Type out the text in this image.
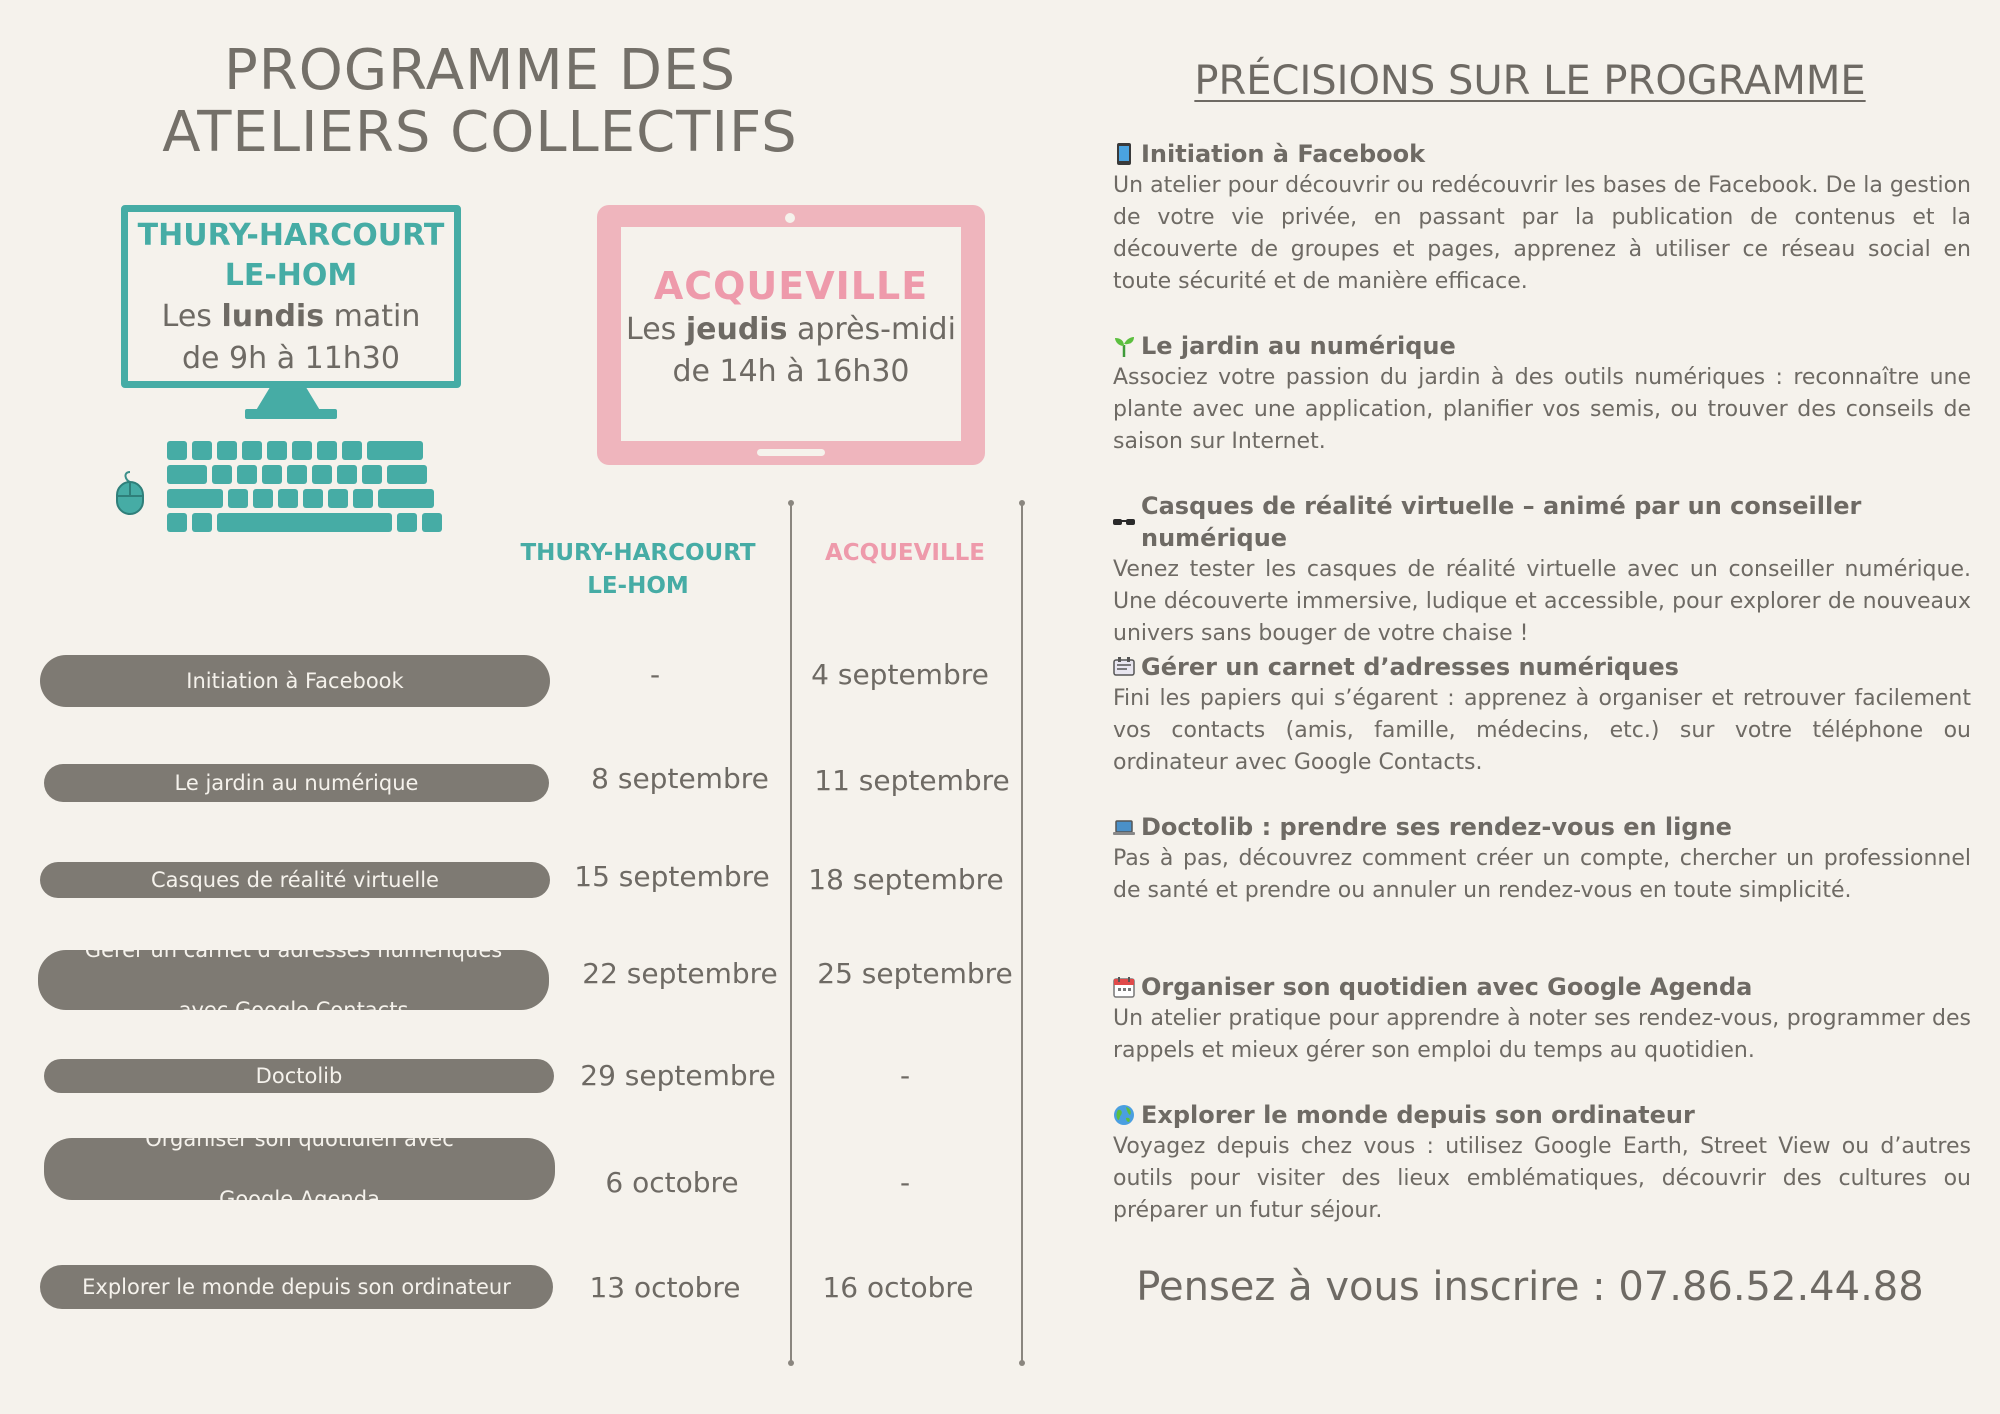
PROGRAMME DES
ATELIERS COLLECTIFS
THURY-HARCOURT
LE-HOM
Les lundis matin
de 9h à 11h30
ACQUEVILLE
Les jeudis après-midi
de 14h à 16h30
THURY-HARCOURT
LE-HOM
ACQUEVILLE
Initiation à Facebook	-	4 septembre
Le jardin au numérique	8 septembre	11 septembre
Casques de réalité virtuelle	15 septembre 18 septembre
Gérer un carnet d’adresses numériques

avec Google Contacts
22 septembre 25 septembre
Doctolib	29 septembre	-
Organiser son quotidien avec

Google Agenda	6 octobre	-
Explorer le monde depuis son ordinateur	13 octobre	16 octobre
PRÉCISIONS SUR LE PROGRAMME
Initiation à Facebook
Un atelier pour découvrir ou redécouvrir les bases de Facebook. De la gestion de votre vie privée, en passant par la publication de contenus et la découverte de groupes et pages, apprenez à utiliser ce réseau social en toute sécurité et de manière efficace.
Le jardin au numérique
Associez votre passion du jardin à des outils numériques : reconnaître une plante avec une application, planifier vos semis, ou trouver des conseils de saison sur Internet.
Casques de réalité virtuelle – animé par un conseiller numérique
Venez tester les casques de réalité virtuelle avec un conseiller numérique. Une découverte immersive, ludique et accessible, pour explorer de nouveaux univers sans bouger de votre chaise !
Gérer un carnet d’adresses numériques
Fini les papiers qui s’égarent : apprenez à organiser et retrouver facilement vos contacts (amis, famille, médecins, etc.) sur votre téléphone ou ordinateur avec Google Contacts.
Doctolib : prendre ses rendez-vous en ligne
Pas à pas, découvrez comment créer un compte, chercher un professionnel de santé et prendre ou annuler un rendez-vous en toute simplicité.
Organiser son quotidien avec Google Agenda
Un atelier pratique pour apprendre à noter ses rendez-vous, programmer des rappels et mieux gérer son emploi du temps au quotidien.
Explorer le monde depuis son ordinateur
Voyagez depuis chez vous : utilisez Google Earth, Street View ou d’autres outils pour visiter des lieux emblématiques, découvrir des cultures ou préparer un futur séjour.
Pensez à vous inscrire : 07.86.52.44.88
